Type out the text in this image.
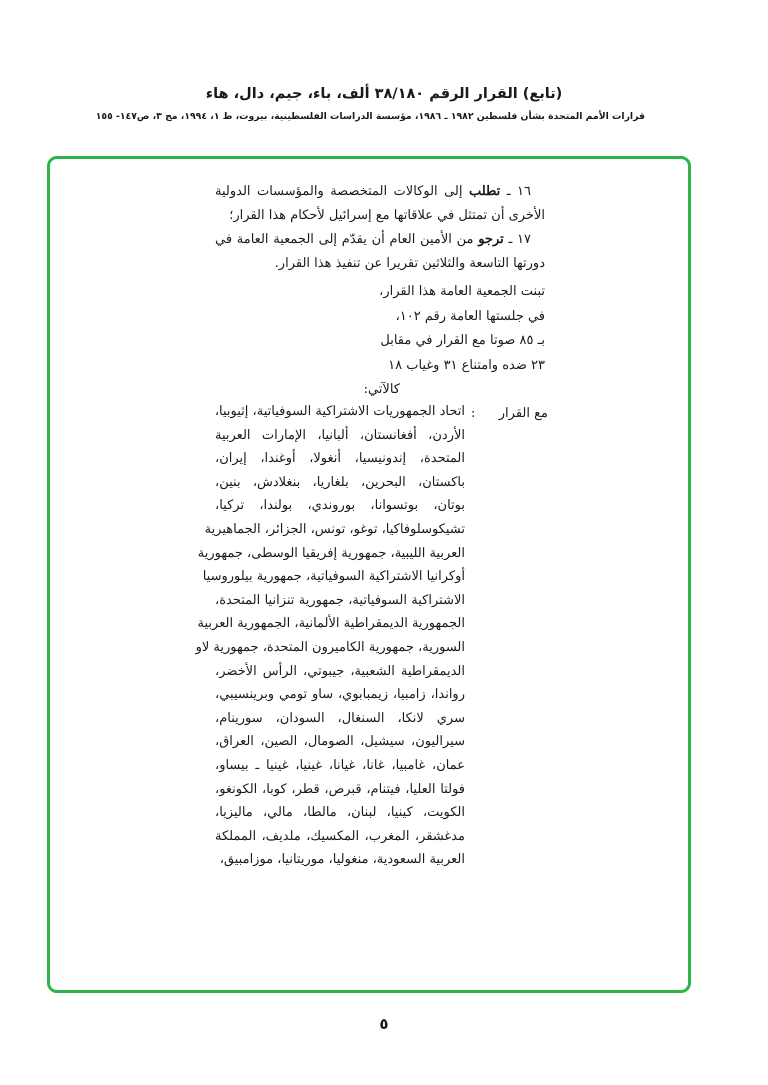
(تابع) القرار الرقم ٣٨/١٨٠ ألف، باء، جيم، دال، هاء
قرارات الأمم المتحدة بشأن فلسطين ١٩٨٢ ـ ١٩٨٦، مؤسسة الدراسات الفلسطينية، بيروت، ط ١، ١٩٩٤، مج ٣، ص١٤٧- ١٥٥

١٦ ـ تطلب إلى الوكالات المتخصصة والمؤسسات الدولية الأخرى أن تمتثل في علاقاتها مع إسرائيل لأحكام هذا القرار؛

١٧ ـ ترجو من الأمين العام أن يقدّم إلى الجمعية العامة في دورتها التاسعة والثلاثين تقريرا عن تنفيذ هذا القرار.

تبنت الجمعية العامة هذا القرار،
في جلستها العامة رقم ١٠٢،
بـ ٨٥ صوتا مع القرار في مقابل
٢٣ ضده وامتناع ٣١ وغياب ١٨
كالآتي:
مع القرار
:
اتحاد الجمهوريات الاشتراكية السوفياتية، إثيوبيا،
الأردن، أفغانستان، ألبانيا، الإمارات العربية
المتحدة، إندونيسيا، أنغولا، أوغندا، إيران،
باكستان، البحرين، بلغاريا، بنغلادش، بنين،
بوتان، بوتسوانا، بوروندي، بولندا، تركيا،
تشيكوسلوفاكيا، توغو، تونس، الجزائر، الجماهيرية
العربية الليبية، جمهورية إفريقيا الوسطى، جمهورية
أوكرانيا الاشتراكية السوفياتية، جمهورية بيلوروسيا
الاشتراكية السوفياتية، جمهورية تنزانيا المتحدة،
الجمهورية الديمقراطية الألمانية، الجمهورية العربية
السورية، جمهورية الكاميرون المتحدة، جمهورية لاو
الديمقراطية الشعبية، جيبوتي، الرأس الأخضر،
رواندا، زامبيا، زيمبابوي، ساو تومي وبرينسيبي،
سري لانكا، السنغال، السودان، سورينام،
سيراليون، سيشيل، الصومال، الصين، العراق،
عمان، غامبيا، غانا، غيانا، غينيا، غينيا ـ بيساو،
فولتا العليا، فيتنام، قبرص، قطر، كوبا، الكونغو،
الكويت، كينيا، لبنان، مالطا، مالي، ماليزيا،
مدغشقر، المغرب، المكسيك، ملديف، المملكة
العربية السعودية، منغوليا، موريتانيا، موزامبيق،
٥
